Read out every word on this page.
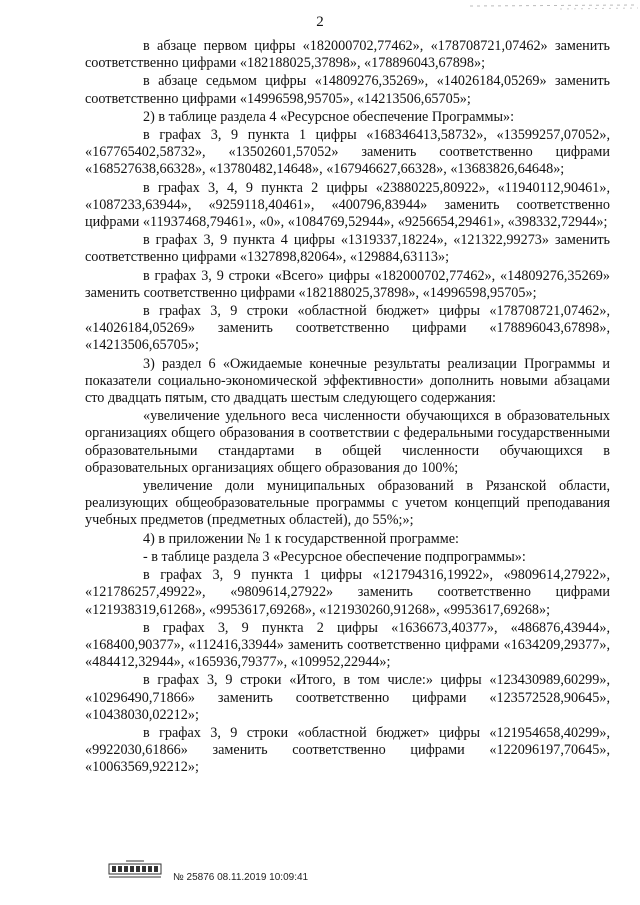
2

в абзаце первом цифры «182000702,77462», «178708721,07462» заменить соответственно цифрами «182188025,37898», «178896043,67898»;

в абзаце седьмом цифры «14809276,35269», «14026184,05269» заменить соответственно цифрами «14996598,95705», «14213506,65705»;

2) в таблице раздела 4 «Ресурсное обеспечение Программы»:

в графах 3, 9 пункта 1 цифры «168346413,58732», «13599257,07052», «167765402,58732», «13502601,57052» заменить соответственно цифрами «168527638,66328», «13780482,14648», «167946627,66328», «13683826,64648»;

в графах 3, 4, 9 пункта 2 цифры «23880225,80922», «11940112,90461», «1087233,63944», «9259118,40461», «400796,83944» заменить соответственно цифрами «11937468,79461», «0», «1084769,52944», «9256654,29461», «398332,72944»;

в графах 3, 9 пункта 4 цифры «1319337,18224», «121322,99273» заменить соответственно цифрами «1327898,82064», «129884,63113»;

в графах 3, 9 строки «Всего» цифры «182000702,77462», «14809276,35269» заменить соответственно цифрами «182188025,37898», «14996598,95705»;

в графах 3, 9 строки «областной бюджет» цифры «178708721,07462», «14026184,05269» заменить соответственно цифрами «178896043,67898», «14213506,65705»;

3) раздел 6 «Ожидаемые конечные результаты реализации Программы и показатели социально-экономической эффективности» дополнить новыми абзацами сто двадцать пятым, сто двадцать шестым следующего содержания:

«увеличение удельного веса численности обучающихся в образовательных организациях общего образования в соответствии с федеральными государственными образовательными стандартами в общей численности обучающихся в образовательных организациях общего образования до 100%;

увеличение доли муниципальных образований в Рязанской области, реализующих общеобразовательные программы с учетом концепций преподавания учебных предметов (предметных областей), до 55%;»;

4) в приложении № 1 к государственной программе:

- в таблице раздела 3 «Ресурсное обеспечение подпрограммы»:

в графах 3, 9 пункта 1 цифры «121794316,19922», «9809614,27922», «121786257,49922», «9809614,27922» заменить соответственно цифрами «121938319,61268», «9953617,69268», «121930260,91268», «9953617,69268»;

в графах 3, 9 пункта 2 цифры «1636673,40377», «486876,43944», «168400,90377», «112416,33944» заменить соответственно цифрами «1634209,29377», «484412,32944», «165936,79377», «109952,22944»;

в графах 3, 9 строки «Итого, в том числе:» цифры «123430989,60299», «10296490,71866» заменить соответственно цифрами «123572528,90645», «10438030,02212»;

в графах 3, 9 строки «областной бюджет» цифры «121954658,40299», «9922030,61866» заменить соответственно цифрами «122096197,70645», «10063569,92212»;

№ 25876 08.11.2019 10:09:41
